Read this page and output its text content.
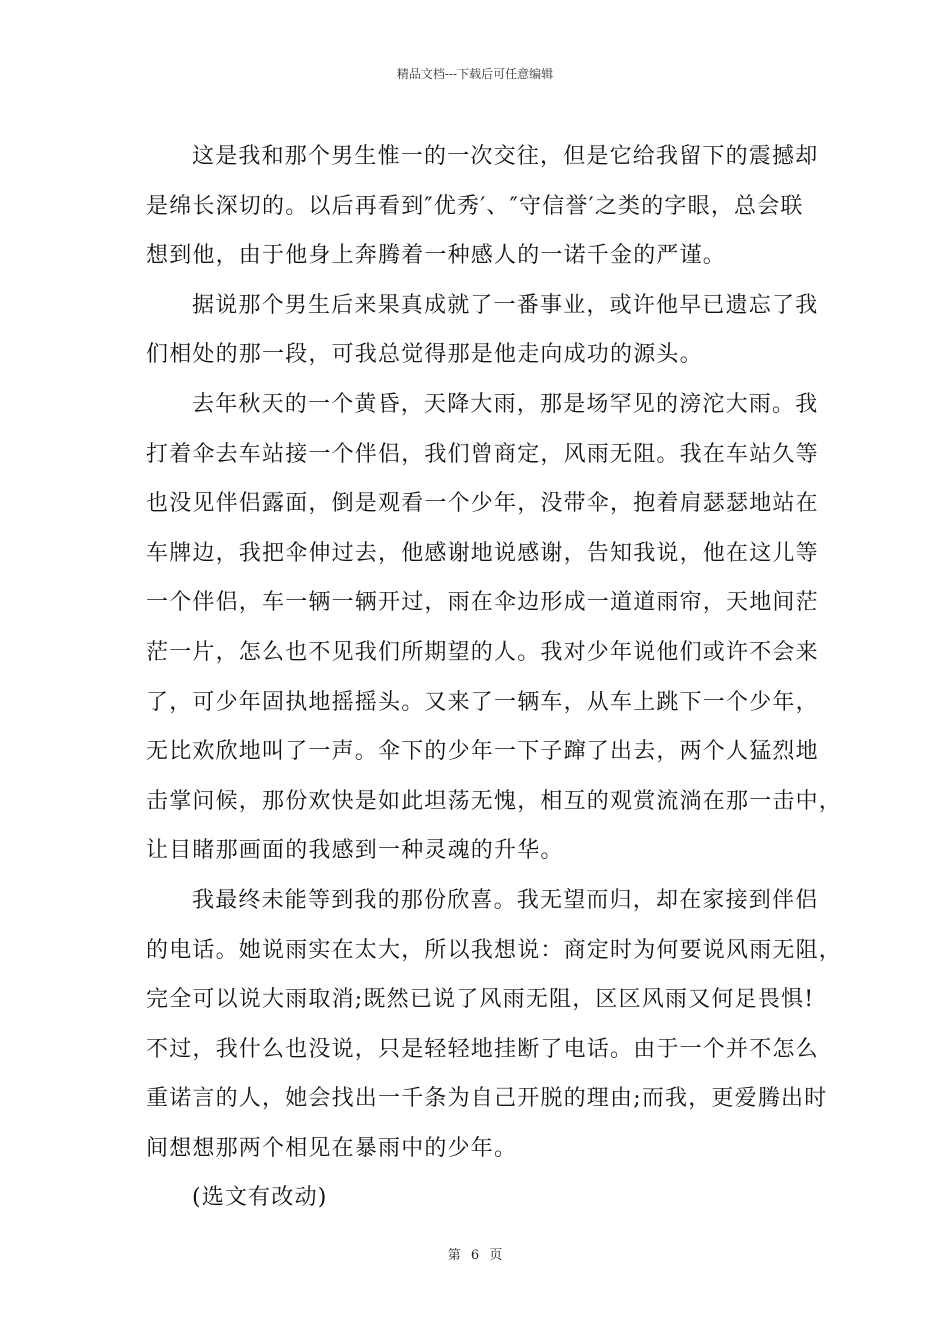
精品文档---下载后可任意编辑

这是我和那个男生惟一的一次交往，但是它给我留下的震撼却
是绵长深切的。以后再看到″优秀′、″守信誉′之类的字眼，总会联
想到他，由于他身上奔腾着一种感人的一诺千金的严谨。

据说那个男生后来果真成就了一番事业，或许他早已遗忘了我
们相处的那一段，可我总觉得那是他走向成功的源头。

去年秋天的一个黄昏，天降大雨，那是场罕见的滂沱大雨。我
打着伞去车站接一个伴侣，我们曾商定，风雨无阻。我在车站久等
也没见伴侣露面，倒是观看一个少年，没带伞，抱着肩瑟瑟地站在
车牌边，我把伞伸过去，他感谢地说感谢，告知我说，他在这儿等
一个伴侣，车一辆一辆开过，雨在伞边形成一道道雨帘，天地间茫
茫一片，怎么也不见我们所期望的人。我对少年说他们或许不会来
了，可少年固执地摇摇头。又来了一辆车，从车上跳下一个少年，
无比欢欣地叫了一声。伞下的少年一下子蹿了出去，两个人猛烈地
击掌问候，那份欢快是如此坦荡无愧，相互的观赏流淌在那一击中，
让目睹那画面的我感到一种灵魂的升华。

我最终未能等到我的那份欣喜。我无望而归，却在家接到伴侣
的电话。她说雨实在太大，所以我想说：商定时为何要说风雨无阻，
完全可以说大雨取消;既然已说了风雨无阻，区区风雨又何足畏惧!
不过，我什么也没说，只是轻轻地挂断了电话。由于一个并不怎么
重诺言的人，她会找出一千条为自己开脱的理由;而我，更爱腾出时
间想想那两个相见在暴雨中的少年。

(选文有改动)

第 6 页
